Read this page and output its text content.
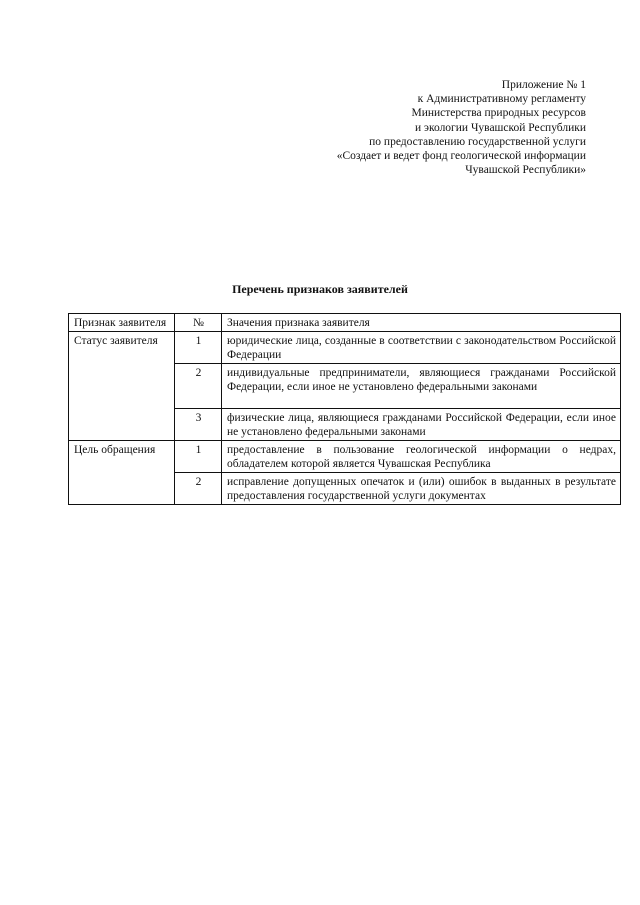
Приложение № 1
к Административному регламенту
Министерства природных ресурсов
и экологии Чувашской Республики
по предоставлению государственной услуги
«Создает и ведет фонд геологической информации
Чувашской Республики»
Перечень признаков заявителей
Признак заявителя	№	Значения признака заявителя
Статус заявителя	1	юридические лица, созданные в соответствии с законодательством Российской Федерации
	2	индивидуальные предприниматели, являющиеся гражданами Российской Федерации, если иное не установлено федеральными законами
	3	физические лица, являющиеся гражданами Российской Федерации, если иное не установлено федеральными законами
Цель обращения	1	предоставление в пользование геологической информации о недрах, обладателем которой является Чувашская Республика
	2	исправление допущенных опечаток и (или) ошибок в выданных в результате предоставления государственной услуги документах
